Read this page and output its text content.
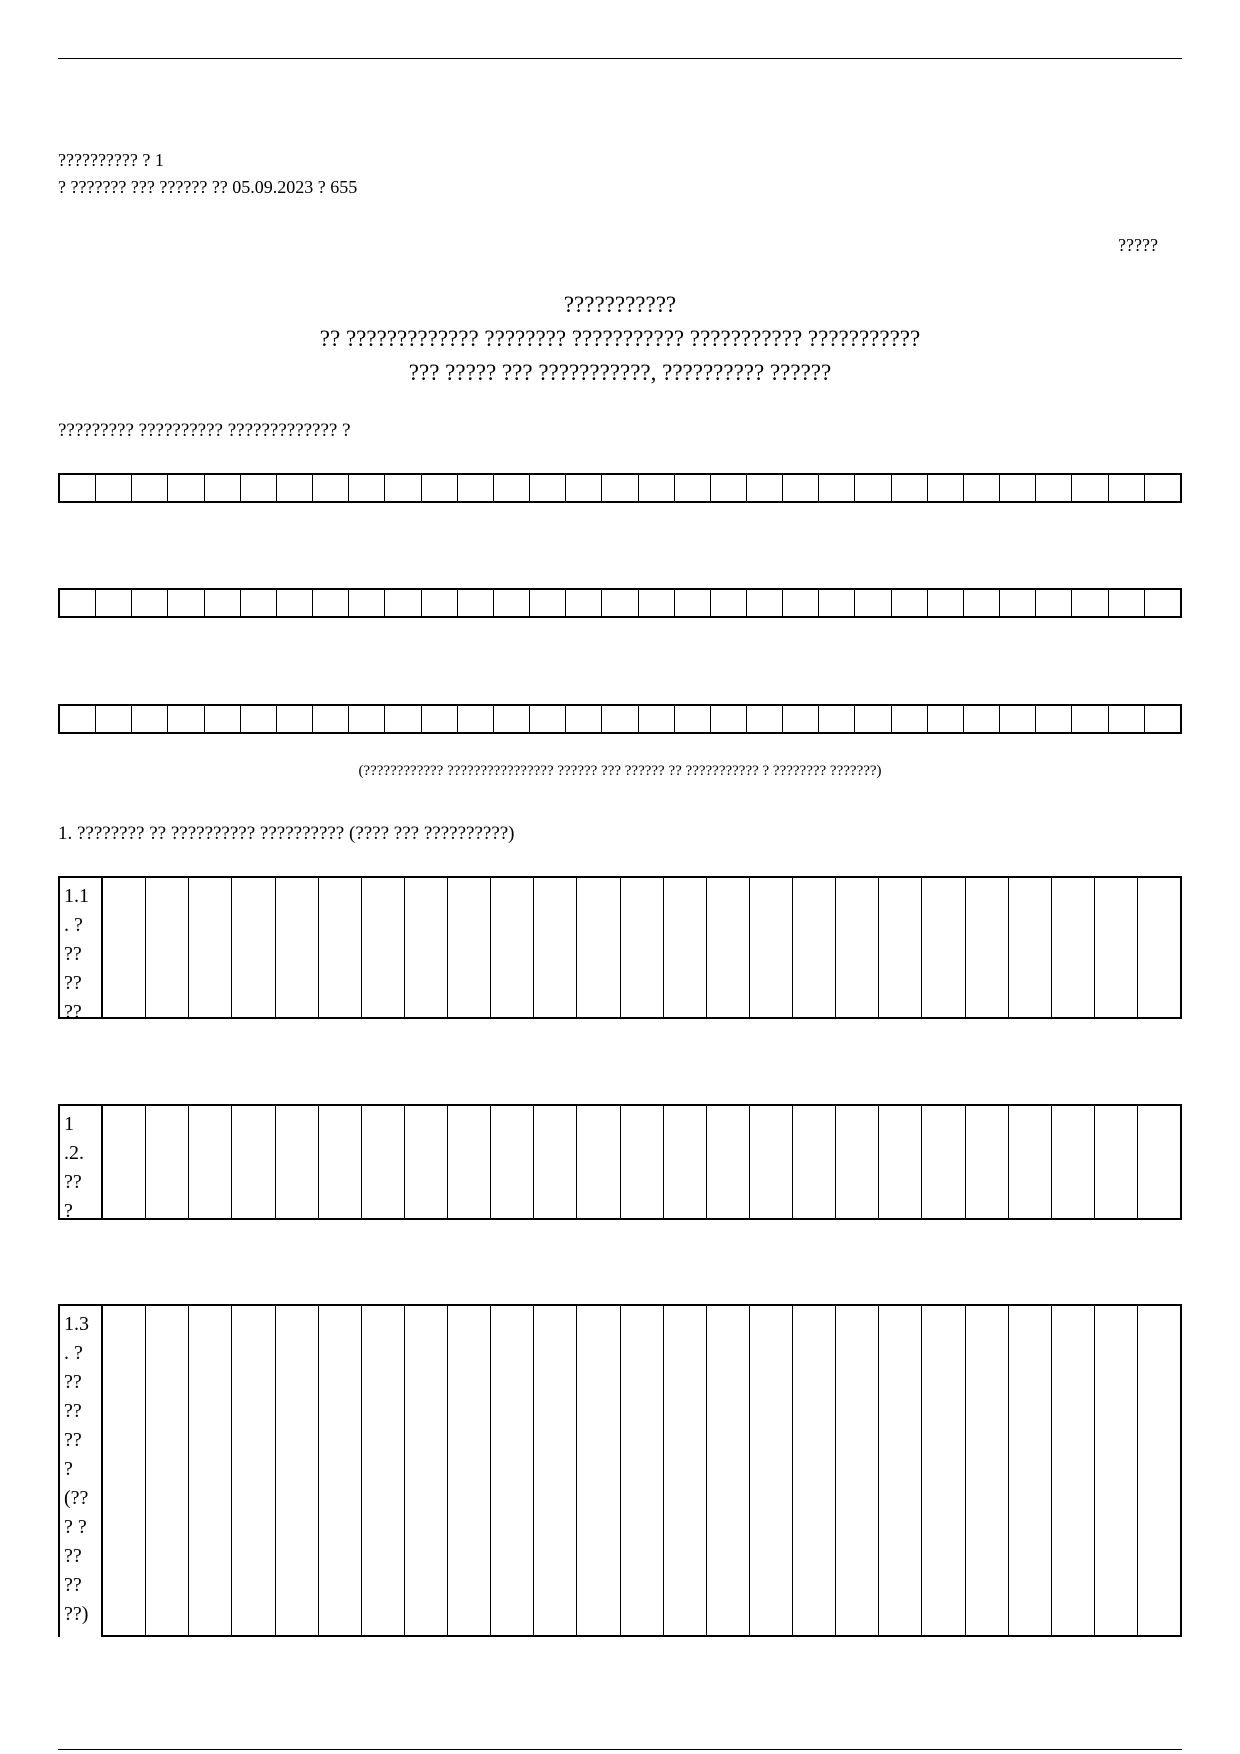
?????????? ? 1
? ??????? ??? ?????? ?? 05.09.2023 ? 655
?????
???????????
?? ????????????? ???????? ??????????? ??????????? ???????????
??? ????? ??? ???????????, ?????????? ??????
????????? ?????????? ????????????? ?
(???????????? ???????????????? ?????? ??? ?????? ?? ??????????? ? ???????? ???????)
1. ???????? ?? ?????????? ?????????? (???? ??? ??????????)
1.1
. ?
??
??
??
1
.2.
??
?
1.3
. ?
??
??
??
?
(??
? ?
??
??
??)
